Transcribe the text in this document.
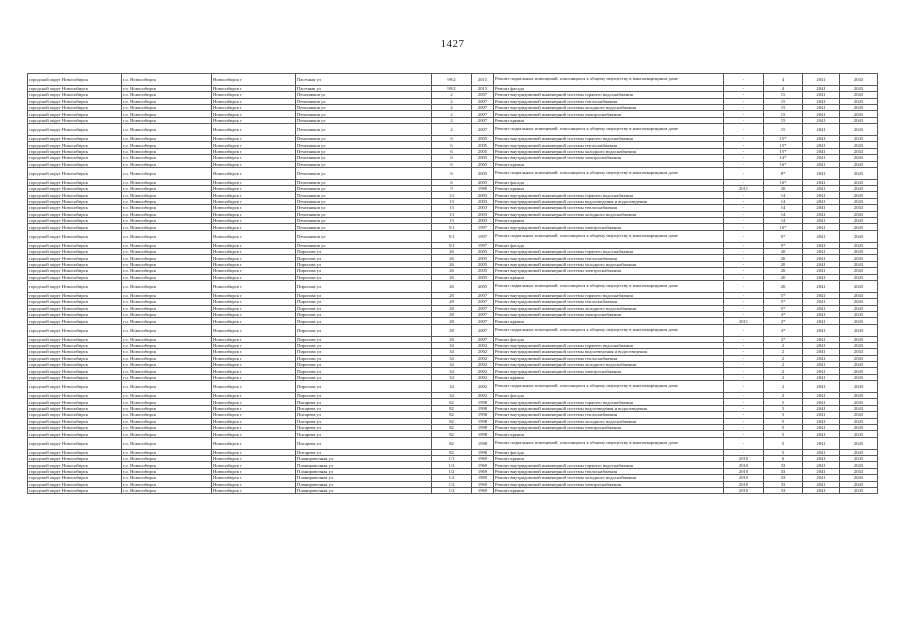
1427
городской округ Новосибирск	г.о. Новосибирск	Новосибирск г	Пасечная ул	99/2	2015	Ремонт подвальных помещений, относящихся к общему имуществу в многоквартирном доме	-	4	2041	2043
городской округ Новосибирск	г.о. Новосибирск	Новосибирск г	Пасечная ул	99/2	2015	Ремонт фасада	-	4	2041	2043
городской округ Новосибирск	г.о. Новосибирск	Новосибирск г	Печатников ул	2	2007	Ремонт внутридомовой инженерной системы горячего водоснабжения	-	15	2041	2043
городской округ Новосибирск	г.о. Новосибирск	Новосибирск г	Печатников ул	2	2007	Ремонт внутридомовой инженерной системы теплоснабжения	-	15	2041	2043
городской округ Новосибирск	г.о. Новосибирск	Новосибирск г	Печатников ул	2	2007	Ремонт внутридомовой инженерной системы холодного водоснабжения	-	15	2041	2043
городской округ Новосибирск	г.о. Новосибирск	Новосибирск г	Печатников ул	2	2007	Ремонт внутридомовой инженерной системы электроснабжения	-	15	2041	2043
городской округ Новосибирск	г.о. Новосибирск	Новосибирск г	Печатников ул	2	2007	Ремонт крыши	-	15	2041	2043
городской округ Новосибирск	г.о. Новосибирск	Новосибирск г	Печатников ул	2	2007	Ремонт подвальных помещений, относящихся к общему имуществу в многоквартирном доме	-	15	2041	2043
городской округ Новосибирск	г.о. Новосибирск	Новосибирск г	Печатников ул	6	2005	Ремонт внутридомовой инженерной системы горячего водоснабжения	-	15*	2041	2043
городской округ Новосибирск	г.о. Новосибирск	Новосибирск г	Печатников ул	6	2005	Ремонт внутридомовой инженерной системы теплоснабжения	-	15*	2041	2043
городской округ Новосибирск	г.о. Новосибирск	Новосибирск г	Печатников ул	6	2005	Ремонт внутридомовой инженерной системы холодного водоснабжения	-	15*	2041	2043
городской округ Новосибирск	г.о. Новосибирск	Новосибирск г	Печатников ул	6	2005	Ремонт внутридомовой инженерной системы электроснабжения	-	14*	2041	2043
городской округ Новосибирск	г.о. Новосибирск	Новосибирск г	Печатников ул	6	2005	Ремонт крыши	-	16*	2041	2043
городской округ Новосибирск	г.о. Новосибирск	Новосибирск г	Печатников ул	6	2005	Ремонт подвальных помещений, относящихся к общему имуществу в многоквартирном доме	-	8*	2041	2043
городской округ Новосибирск	г.о. Новосибирск	Новосибирск г	Печатников ул	6	2005	Ремонт фасада	-	16*	2041	2043
городской округ Новосибирск	г.о. Новосибирск	Новосибирск г	Печатников ул	9	1989	Ремонт крыши	2011	20	2041	2043
городской округ Новосибирск	г.о. Новосибирск	Новосибирск г	Печатников ул	13	2003	Ремонт внутридомовой инженерной системы горячего водоснабжения	-	14	2041	2043
городской округ Новосибирск	г.о. Новосибирск	Новосибирск г	Печатников ул	13	2003	Ремонт внутридомовой инженерной системы водоотведения и водоотведения	-	14	2041	2043
городской округ Новосибирск	г.о. Новосибирск	Новосибирск г	Печатников ул	13	2003	Ремонт внутридомовой инженерной системы теплоснабжения	-	14	2041	2043
городской округ Новосибирск	г.о. Новосибирск	Новосибирск г	Печатников ул	13	2003	Ремонт внутридомовой инженерной системы холодного водоснабжения	-	14	2041	2043
городской округ Новосибирск	г.о. Новосибирск	Новосибирск г	Печатников ул	13	2003	Ремонт крыши	-	14	2041	2043
городской округ Новосибирск	г.о. Новосибирск	Новосибирск г	Печатников ул	5/1	1997	Ремонт внутридомовой инженерной системы электроснабжения	-	10*	2041	2043
городской округ Новосибирск	г.о. Новосибирск	Новосибирск г	Печатников ул	5/1	1997	Ремонт подвальных помещений, относящихся к общему имуществу в многоквартирном доме	-	9*	2041	2043
городской округ Новосибирск	г.о. Новосибирск	Новосибирск г	Печатников ул	5/1	1997	Ремонт фасада	-	9*	2041	2043
городской округ Новосибирск	г.о. Новосибирск	Новосибирск г	Пирогова ул	26	2005	Ремонт внутридомовой инженерной системы горячего водоснабжения	-	20	2041	2043
городской округ Новосибирск	г.о. Новосибирск	Новосибирск г	Пирогова ул	26	2005	Ремонт внутридомовой инженерной системы теплоснабжения	-	20	2041	2043
городской округ Новосибирск	г.о. Новосибирск	Новосибирск г	Пирогова ул	26	2005	Ремонт внутридомовой инженерной системы холодного водоснабжения	-	20	2041	2043
городской округ Новосибирск	г.о. Новосибирск	Новосибирск г	Пирогова ул	26	2005	Ремонт внутридомовой инженерной системы электроснабжения	-	20	2041	2043
городской округ Новосибирск	г.о. Новосибирск	Новосибирск г	Пирогова ул	26	2005	Ремонт крыши	-	20	2041	2043
городской округ Новосибирск	г.о. Новосибирск	Новосибирск г	Пирогова ул	26	2005	Ремонт подвальных помещений, относящихся к общему имуществу в многоквартирном доме	-	20	2041	2043
городской округ Новосибирск	г.о. Новосибирск	Новосибирск г	Пирогова ул	28	2007	Ремонт внутридомовой инженерной системы горячего водоснабжения	-	5*	2041	2043
городской округ Новосибирск	г.о. Новосибирск	Новосибирск г	Пирогова ул	28	2007	Ремонт внутридомовой инженерной системы теплоснабжения	-	5*	2041	2043
городской округ Новосибирск	г.о. Новосибирск	Новосибирск г	Пирогова ул	28	2007	Ремонт внутридомовой инженерной системы холодного водоснабжения	-	5*	2041	2043
городской округ Новосибирск	г.о. Новосибирск	Новосибирск г	Пирогова ул	28	2007	Ремонт внутридомовой инженерной системы электроснабжения	-	4*	2041	2043
городской округ Новосибирск	г.о. Новосибирск	Новосибирск г	Пирогова ул	28	2007	Ремонт крыши	2011	2*	2041	2043
городской округ Новосибирск	г.о. Новосибирск	Новосибирск г	Пирогова ул	28	2007	Ремонт подвальных помещений, относящихся к общему имуществу в многоквартирном доме	-	4*	2041	2043
городской округ Новосибирск	г.о. Новосибирск	Новосибирск г	Пирогова ул	28	2007	Ремонт фасада	-	2*	2041	2043
городской округ Новосибирск	г.о. Новосибирск	Новосибирск г	Пирогова ул	34	2002	Ремонт внутридомовой инженерной системы горячего водоснабжения	-	2	2041	2043
городской округ Новосибирск	г.о. Новосибирск	Новосибирск г	Пирогова ул	34	2002	Ремонт внутридомовой инженерной системы водоотведения и водоотведения	-	2	2041	2043
городской округ Новосибирск	г.о. Новосибирск	Новосибирск г	Пирогова ул	34	2002	Ремонт внутридомовой инженерной системы теплоснабжения	-	2	2041	2043
городской округ Новосибирск	г.о. Новосибирск	Новосибирск г	Пирогова ул	34	2002	Ремонт внутридомовой инженерной системы холодного водоснабжения	-	2	2041	2043
городской округ Новосибирск	г.о. Новосибирск	Новосибирск г	Пирогова ул	34	2002	Ремонт внутридомовой инженерной системы электроснабжения	-	2	2041	2043
городской округ Новосибирск	г.о. Новосибирск	Новосибирск г	Пирогова ул	34	2002	Ремонт крыши	-	2	2041	2043
городской округ Новосибирск	г.о. Новосибирск	Новосибирск г	Пирогова ул	34	2002	Ремонт подвальных помещений, относящихся к общему имуществу в многоквартирном доме	-	2	2041	2043
городской округ Новосибирск	г.о. Новосибирск	Новосибирск г	Пирогова ул	34	2002	Ремонт фасада	-	2	2041	2043
городской округ Новосибирск	г.о. Новосибирск	Новосибирск г	Писарева ул	82	1998	Ремонт внутридомовой инженерной системы горячего водоснабжения	-	5	2041	2043
городской округ Новосибирск	г.о. Новосибирск	Новосибирск г	Писарева ул	82	1998	Ремонт внутридомовой инженерной системы водоотведения и водоотведения	-	5	2041	2043
городской округ Новосибирск	г.о. Новосибирск	Новосибирск г	Писарева ул	82	1998	Ремонт внутридомовой инженерной системы теплоснабжения	-	5	2041	2043
городской округ Новосибирск	г.о. Новосибирск	Новосибирск г	Писарева ул	82	1998	Ремонт внутридомовой инженерной системы холодного водоснабжения	-	5	2041	2043
городской округ Новосибирск	г.о. Новосибирск	Новосибирск г	Писарева ул	82	1998	Ремонт внутридомовой инженерной системы электроснабжения	-	5	2041	2043
городской округ Новосибирск	г.о. Новосибирск	Новосибирск г	Писарева ул	82	1998	Ремонт крыши	-	5	2041	2043
городской округ Новосибирск	г.о. Новосибирск	Новосибирск г	Писарева ул	82	1998	Ремонт подвальных помещений, относящихся к общему имуществу в многоквартирном доме	-	5	2041	2043
городской округ Новосибирск	г.о. Новосибирск	Новосибирск г	Писарева ул	82	1998	Ремонт фасада	-	5	2041	2043
городской округ Новосибирск	г.о. Новосибирск	Новосибирск г	Планировочная ул	1/1	1969	Ремонт крыши	2010	6	2041	2043
городской округ Новосибирск	г.о. Новосибирск	Новосибирск г	Планировочная ул	1/2	1969	Ремонт внутридомовой инженерной системы горячего водоснабжения	2010	33	2041	2043
городской округ Новосибирск	г.о. Новосибирск	Новосибирск г	Планировочная ул	1/2	1969	Ремонт внутридомовой инженерной системы теплоснабжения	2010	33	2041	2043
городской округ Новосибирск	г.о. Новосибирск	Новосибирск г	Планировочная ул	1/2	1969	Ремонт внутридомовой инженерной системы холодного водоснабжения	2010	33	2041	2043
городской округ Новосибирск	г.о. Новосибирск	Новосибирск г	Планировочная ул	1/2	1969	Ремонт внутридомовой инженерной системы электроснабжения	2010	33	2041	2043
городской округ Новосибирск	г.о. Новосибирск	Новосибирск г	Планировочная ул	1/2	1969	Ремонт крыши	2010	33	2041	2043
